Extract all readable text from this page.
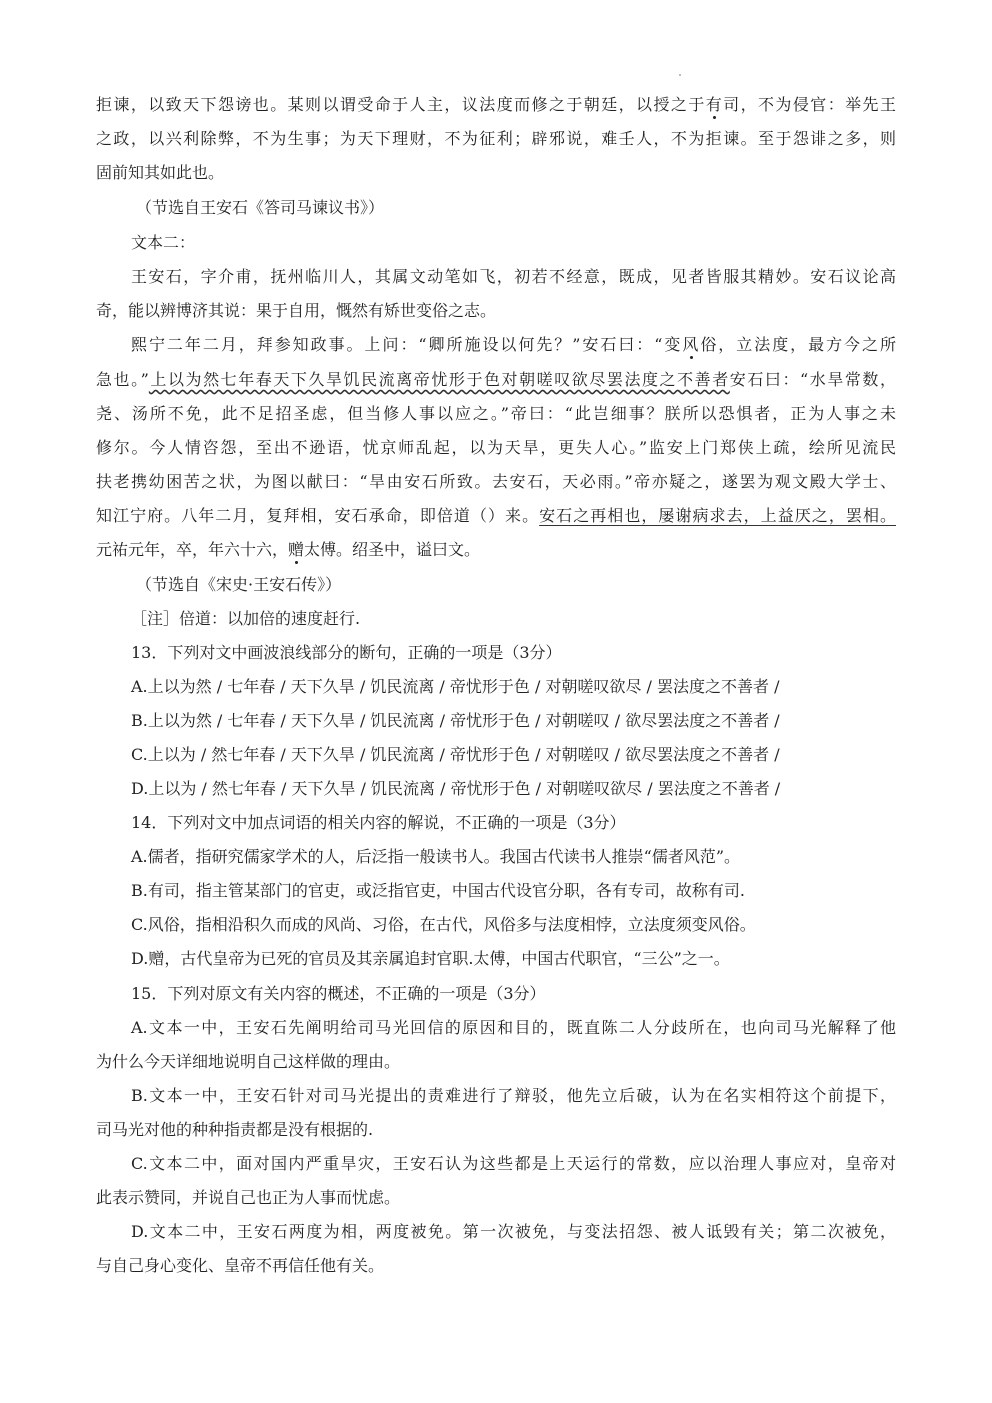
拒谏，以致天下怨谤也。某则以谓受命于人主，议法度而修之于朝廷，以授之于有司，不为侵官：举先王
之政，以兴利除弊，不为生事；为天下理财，不为征利；辟邪说，难壬人，不为拒谏。至于怨诽之多，则
固前知其如此也。
（节选自王安石《答司马谏议书》）
文本二：
王安石，字介甫，抚州临川人，其属文动笔如飞，初若不经意，既成，见者皆服其精妙。安石议论高
奇，能以辨博济其说：果于自用，慨然有矫世变俗之志。
熙宁二年二月，拜参知政事。上问：“卿所施设以何先？”安石曰：“变风俗，立法度，最方今之所
急也。”上以为然七年春天下久旱饥民流离帝忧形于色对朝嗟叹欲尽罢法度之不善者安石曰：“水旱常数，
尧、汤所不免，此不足招圣虑，但当修人事以应之。”帝曰：“此岂细事？朕所以恐惧者，正为人事之未
修尔。今人情咨怨，至出不逊语，忧京师乱起，以为天旱，更失人心。”监安上门郑侠上疏，绘所见流民
扶老携幼困苦之状，为图以献曰：“旱由安石所致。去安石，天必雨。”帝亦疑之，遂罢为观文殿大学士、
知江宁府。八年二月，复拜相，安石承命，即倍道（）来。安石之再相也，屡谢病求去，上益厌之，罢相。
元祐元年，卒，年六十六，赠太傅。绍圣中，谥曰文。
（节选自《宋史·王安石传》）
［注］倍道：以加倍的速度赶行.
13．下列对文中画波浪线部分的断句，正确的一项是（3分）
A.上以为然 / 七年春 / 天下久旱 / 饥民流离 / 帝忧形于色 / 对朝嗟叹欲尽 / 罢法度之不善者 /
B.上以为然 / 七年春 / 天下久旱 / 饥民流离 / 帝忧形于色 / 对朝嗟叹 / 欲尽罢法度之不善者 /
C.上以为 / 然七年春 / 天下久旱 / 饥民流离 / 帝忧形于色 / 对朝嗟叹 / 欲尽罢法度之不善者 /
D.上以为 / 然七年春 / 天下久旱 / 饥民流离 / 帝忧形于色 / 对朝嗟叹欲尽 / 罢法度之不善者 /
14．下列对文中加点词语的相关内容的解说，不正确的一项是（3分）
A.儒者，指研究儒家学术的人，后泛指一般读书人。我国古代读书人推崇“儒者风范”。
B.有司，指主管某部门的官吏，或泛指官吏，中国古代设官分职，各有专司，故称有司.
C.风俗，指相沿积久而成的风尚、习俗，在古代，风俗多与法度相悖，立法度须变风俗。
D.赠，古代皇帝为已死的官员及其亲属追封官职.太傅，中国古代职官，“三公”之一。
15．下列对原文有关内容的概述，不正确的一项是（3分）
A.文本一中，王安石先阐明给司马光回信的原因和目的，既直陈二人分歧所在，也向司马光解释了他
为什么今天详细地说明自己这样做的理由。
B.文本一中，王安石针对司马光提出的责难进行了辩驳，他先立后破，认为在名实相符这个前提下，
司马光对他的种种指责都是没有根据的.
C.文本二中，面对国内严重旱灾，王安石认为这些都是上天运行的常数，应以治理人事应对，皇帝对
此表示赞同，并说自己也正为人事而忧虑。
D.文本二中，王安石两度为相，两度被免。第一次被免，与变法招怨、被人诋毁有关；第二次被免，
与自己身心变化、皇帝不再信任他有关。
